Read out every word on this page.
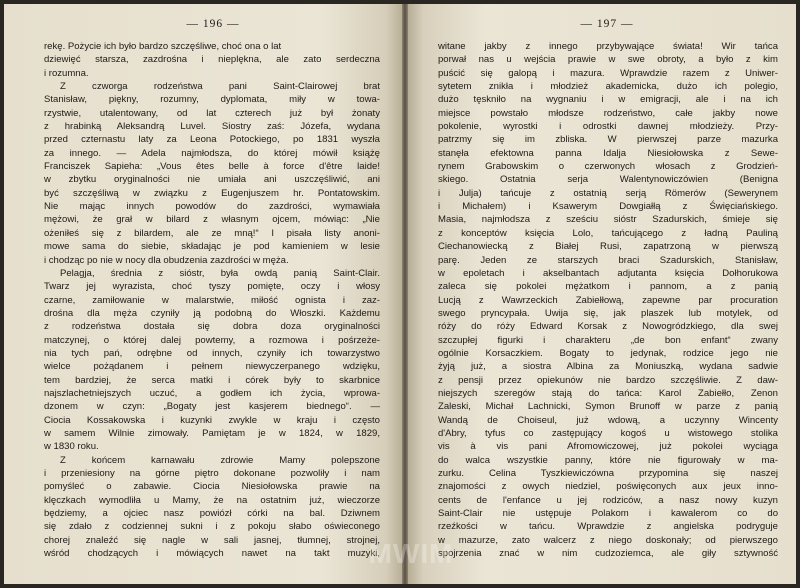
— 196 —

rekę. Pożycie ich było bardzo szczęśliwe, choć ona o lat

dziewięć starsza, zazdrośna i nieplęknа, ale zato serdeczna

i rozumna.

Z czworga rodzeństwa pani Saint-Clairowej brat

Stanisław, piękny, rozumny, dyplomata, miły w towa-

rzystwie, utalentowany, od lat czterech już był żonaty

z hrabinką Aleksandrą Luvel. Siostry zaś: Józefa, wydana

przed czternastu laty za Leona Potockiego, po 1831 wyszła

za innego. — Adela najmłodsza, do której mówił książę

Franciszek Sapieha: „Vous êtes belle à force d'être laide!

w zbytku oryginalności nie umiała ani uszczęśliwić, ani

być szczęśliwą w związku z Eugenjuszem hr. Pontatowskim.

Nie mając innych powodów do zazdrości, wymawiała

mężowi, że grał w bilard z własnym ojcem, mówiąc: „Nie

ożeniłeś się z bilardem, ale ze mną!“ I pisała listy anoni-

mowe sama do siebie, składając je pod kamieniem w lesie

i chodząc po nie w nocy dla obudzenia zazdrości w męża.

Pelagja, średnia z sióstr, była owdą panią Saint-Clair.

Twarz jej wyrazista, choć tyszy pomięte, oczy i włosy

czarne, zamiłowanie w malarstwie, miłość ognista i zaz-

drośna dla męża czyniły ją podobną do Włoszki. Każdemu

z rodzeństwa dostała się dobra doza oryginalności

matczynej, o której dalej powtemy, a rozmowa i pośrzeże-

nia tych pań, odrębne od innych, czyniły ich towarzystwo

wielce pożądanem i pełnem niewyczerpanego wdzięku,

tem bardziej, że serca matki i córek były to skarbnice

najszlachetniejszych uczuć, a godłem ich życia, wprowa-

dzonem w czyn: „Bogaty jest kasjerem biednego“. —

Ciocia Kossakowska i kuzynki zwykle w kraju i często

w samem Wilnie zimowały. Pamiętam je w 1824, w 1829,

w 1830 roku.

Z końcem karnawału zdrowie Mamy polepszone

i przeniesiony na górne piętro dokonane pozwoliły i nam

pomyśleć o zabawie. Ciocia Niesiołowska prawie na

klęczkach wymodliła u Mamy, że na ostatnim już, wieczorze

będziemy, a ojciec nasz powiózł córki na bal. Dziwnem

się zdało z codziennej sukni i z pokoju słabo oświeconego

chorej znaleźć się nagle w sali jasnej, tłumnej, strojnej,

wśród chodzących i mówiących nawet na takt muzyki,

— 197 —

witane jakby z innego przybywające świata! Wir tańca

porwał nas u wejścia prawie w swe obroty, a było z kim

puścić się galopą i mazura. Wprawdzie razem z Uniwer-

sytetem znikła i młodzież akademicka, dużo ich polegio,

dużo tęskniło na wygnaniu i w emigracji, ale i na ich

miejsce powstało młodsze rodzeństwo, całe jakby nowe

pokolenie, wyrostki i odrostki dawnej młodzieży. Przy-

patrzmy się im zbliska. W pierwszej parze mazurka

stanęła efektowna panna Idalja Niesiołowska z Sewe-

rynem Grabowskim o czerwonych włosach z Grodzień-

skiego. Ostatnia serja Walentynowiczówien (Benigna

i Julja) tańcuje z ostatnią serją Römerów (Sewerynem

i Michałem) i Ksawerym Dowgiałłą z Święciańskiego.

Masia, najmłodsza z sześciu sióstr Szadurskich, śmieje się

z konceptów księcia Lolo, tańcującego z ładną Pauliną

Ciechanowiecką z Białej Rusi, zapatrzoną w pierwszą

parę. Jeden ze starszych braci Szadurskich, Stanisław,

w epoletach i akselbantach adjutanta księcia Dołhorukowa

zaleca się pokolei mężatkom i pannom, a z panią

Lucją z Wawrzeckich Zabiełłową, zapewne par procuration

swego pryncypała. Uwija się, jak plaszek lub motylek, od

róży do róży Edward Korsak z Nowogródzkiego, dla swej

szczupłej figurki i charakteru „de bon enfant“ zwany

ogólnie Korsaczkiem. Bogaty to jedynak, rodzice jego nie

żyją już, a siostra Albina za Moniuszką, wydana sadwie

z pensji przez opiekunów nie bardzo szczęśliwie. Z daw-

niejszych szeregów stają do tańca: Karol Zabiełło, Zenon

Zaleski, Michał Lachnicki, Symon Brunoff w parze z panią

Wandą de Choiseul, już wdową, a uczynny Wincenty

d'Abry, tyfus co zastępujący kogoś u wistowego stolika

vis à vis pani Afromowiczowej, już pokolei wyciąga

do walca wszystkie panny, które nie figurowały w ma-

zurku. Celina Tyszkiewiczówna przypomina się naszej

znajomości z owych niedziel, poświęconych aux jeux inno-

cents de l'enfance u jej rodziców, a nasz nowy kuzyn

Saint-Clair nie ustępuje Polakom i kawalerom co do

rzeźkości w tańcu. Wprawdzie z angielska podryguje

w mazurze, zato walcerz z niego doskonały; od pierwszego

spojrzenia znać w nim cudzoziemca, ale giły sztywność

MWIM
